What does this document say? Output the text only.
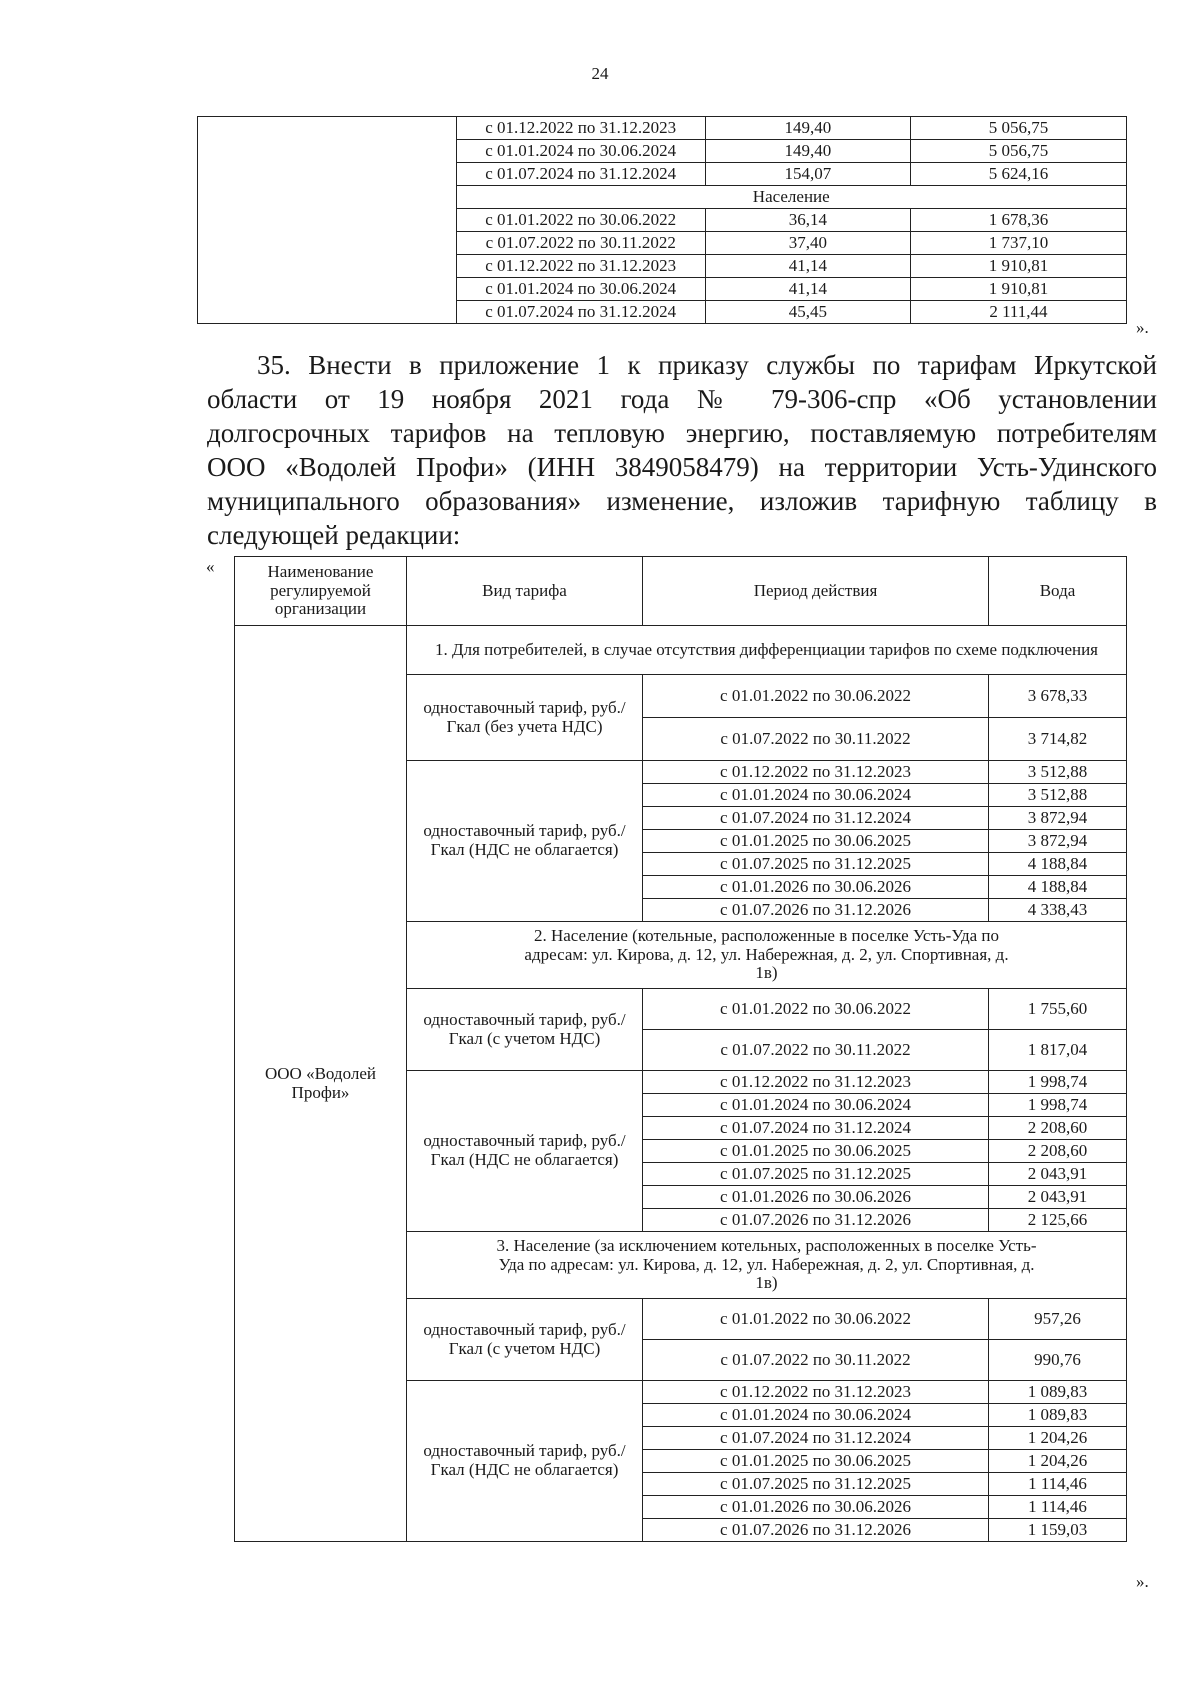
24
	с 01.12.2022 по 31.12.2023	149,40	5 056,75
	с 01.01.2024 по 30.06.2024	149,40	5 056,75
	с 01.07.2024 по 31.12.2024	154,07	5 624,16
	Население		
	с 01.01.2022 по 30.06.2022	36,14	1 678,36
	с 01.07.2022 по 30.11.2022	37,40	1 737,10
	с 01.12.2022 по 31.12.2023	41,14	1 910,81
	с 01.01.2024 по 30.06.2024	41,14	1 910,81
	с 01.07.2024 по 31.12.2024	45,45	2 111,44
».
35. Внести в приложение 1 к приказу службы по тарифам Иркутской
области от 19 ноября 2021 года № 79-306-спр «Об установлении
долгосрочных тарифов на тепловую энергию, поставляемую потребителям
ООО «Водолей Профи» (ИНН 3849058479) на территории Усть-Удинского
муниципального образования» изменение, изложив тарифную таблицу в
следующей редакции:
«	Наименование регулируемой организации	Вид тарифа	Период действия	Вода
ООО «Водолей Профи»	1. Для потребителей, в случае отсутствия дифференциации тарифов по схеме подключения		
	одноставочный тариф, руб./Гкал (без учета НДС)	с 01.01.2022 по 30.06.2022	3 678,33
		с 01.07.2022 по 30.11.2022	3 714,82
	одноставочный тариф, руб./Гкал (НДС не облагается)	с 01.12.2022 по 31.12.2023	3 512,88
		с 01.01.2024 по 30.06.2024	3 512,88
		с 01.07.2024 по 31.12.2024	3 872,94
		с 01.01.2025 по 30.06.2025	3 872,94
		с 01.07.2025 по 31.12.2025	4 188,84
		с 01.01.2026 по 30.06.2026	4 188,84
		с 01.07.2026 по 31.12.2026	4 338,43
	2. Население (котельные, расположенные в поселке Усть-Уда по адресам: ул. Кирова, д. 12, ул. Набережная, д. 2, ул. Спортивная, д. 1в)		
	одноставочный тариф, руб./Гкал (с учетом НДС)	с 01.01.2022 по 30.06.2022	1 755,60
		с 01.07.2022 по 30.11.2022	1 817,04
	одноставочный тариф, руб./Гкал (НДС не облагается)	с 01.12.2022 по 31.12.2023	1 998,74
		с 01.01.2024 по 30.06.2024	1 998,74
		с 01.07.2024 по 31.12.2024	2 208,60
		с 01.01.2025 по 30.06.2025	2 208,60
		с 01.07.2025 по 31.12.2025	2 043,91
		с 01.01.2026 по 30.06.2026	2 043,91
		с 01.07.2026 по 31.12.2026	2 125,66
	3. Население (за исключением котельных, расположенных в поселке Усть-Уда по адресам: ул. Кирова, д. 12, ул. Набережная, д. 2, ул. Спортивная, д. 1в)		
	одноставочный тариф, руб./Гкал (с учетом НДС)	с 01.01.2022 по 30.06.2022	957,26
		с 01.07.2022 по 30.11.2022	990,76
	одноставочный тариф, руб./Гкал (НДС не облагается)	с 01.12.2022 по 31.12.2023	1 089,83
		с 01.01.2024 по 30.06.2024	1 089,83
		с 01.07.2024 по 31.12.2024	1 204,26
		с 01.01.2025 по 30.06.2025	1 204,26
		с 01.07.2025 по 31.12.2025	1 114,46
		с 01.01.2026 по 30.06.2026	1 114,46
		с 01.07.2026 по 31.12.2026	1 159,03
».
